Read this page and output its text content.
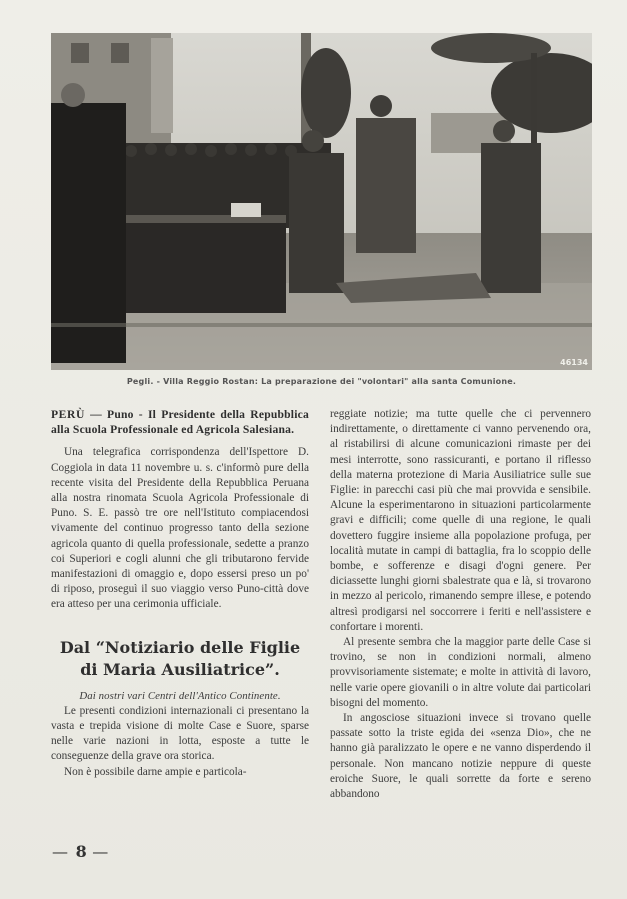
46134
Pegli. - Villa Reggio Rostan: La preparazione dei "volontari" alla santa Comunione.

PERÙ — Puno - Il Presidente della Repubblica alla Scuola Professionale ed Agricola Salesiana.

Una telegrafica corrispondenza dell'Ispettore D. Coggiola in data 11 novembre u. s. c'informò pure della recente visita del Presidente della Repubblica Peruana alla nostra rinomata Scuola Agricola Professionale di Puno. S. E. passò tre ore nell'Istituto compiacendosi vivamente del continuo progresso tanto della sezione agricola quanto di quella professionale, sedette a pranzo coi Superiori e cogli alunni che gli tributarono fervide manifestazioni di omaggio e, dopo essersi preso un po' di riposo, proseguì il suo viaggio verso Puno-città dove era atteso per una cerimonia ufficiale.

Dal “Notiziario delle Figlie
di Maria Ausiliatrice”.

Dai nostri vari Centri dell'Antico Continente.

Le presenti condizioni internazionali ci presentano la vasta e trepida visione di molte Case e Suore, sparse nelle varie nazioni in lotta, esposte a tutte le conseguenze della grave ora storica.

Non è possibile darne ampie e particola-

reggiate notizie; ma tutte quelle che ci pervennero indirettamente, o direttamente ci vanno pervenendo ora, al ristabilirsi di alcune comunicazioni rimaste per dei mesi interrotte, sono rassicuranti, e portano il riflesso della materna protezione di Maria Ausiliatrice sulle sue Figlie: in parecchi casi più che mai provvida e sensibile. Alcune la esperimentarono in situazioni particolarmente gravi e difficili; come quelle di una regione, le quali dovettero fuggire insieme alla popolazione profuga, per località mutate in campi di battaglia, fra lo scoppio delle bombe, e sofferenze e disagi d'ogni genere. Per diciassette lunghi giorni sbalestrate qua e là, si trovarono in mezzo al pericolo, rimanendo sempre illese, e potendo altresì prodigarsi nel soccorrere i feriti e nell'assistere e confortare i morenti.

Al presente sembra che la maggior parte delle Case si trovino, se non in condizioni normali, almeno provvisoriamente sistemate; e molte in attività di lavoro, nelle varie opere giovanili o in altre volute dai particolari bisogni del momento.

In angosciose situazioni invece si trovano quelle passate sotto la triste egida dei «senza Dio», che ne hanno già paralizzato le opere e ne vanno disperdendo il personale. Non mancano notizie neppure di queste eroiche Suore, le quali sorrette da forte e sereno abbandono

— 8 —
